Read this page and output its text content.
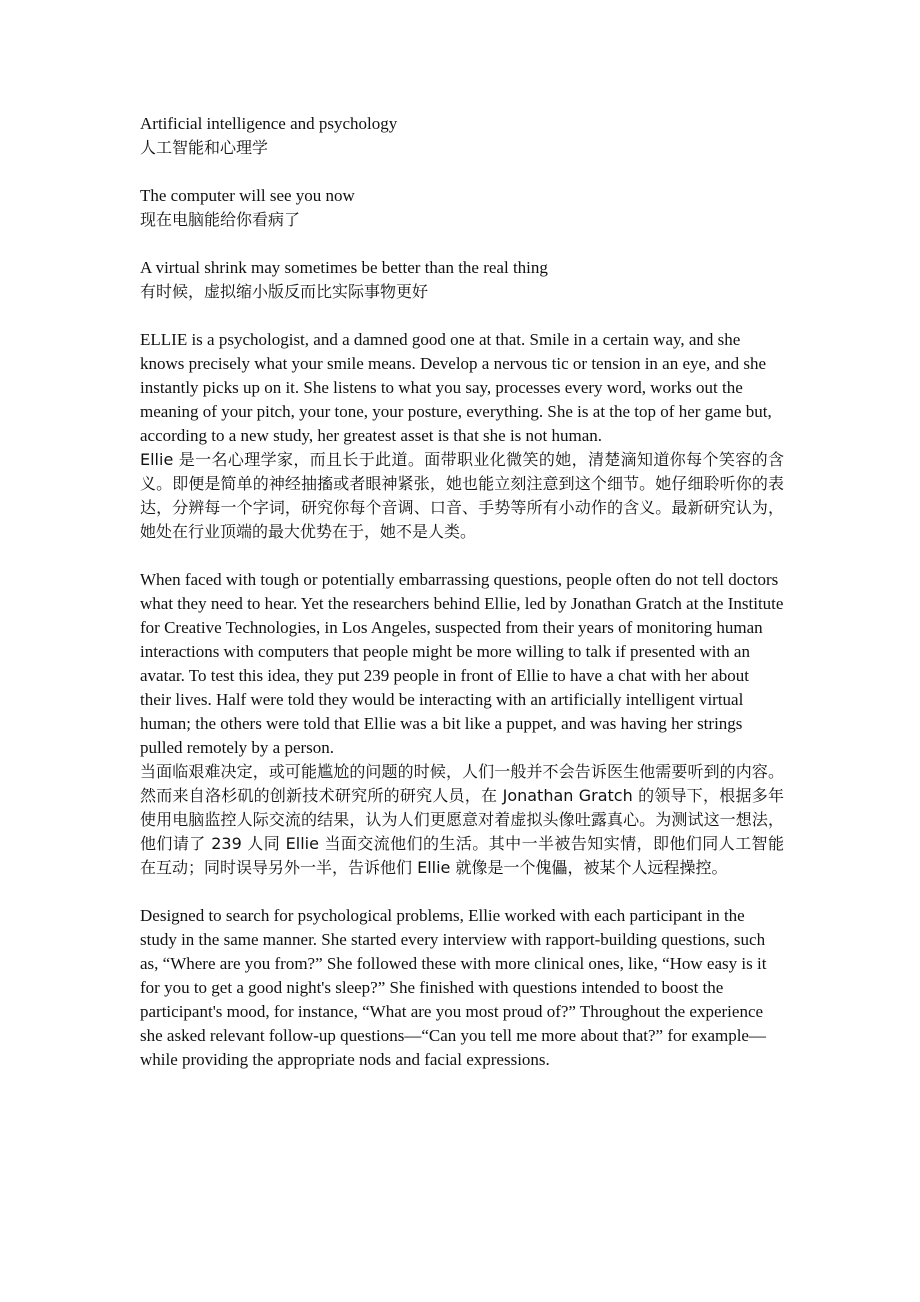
Artificial intelligence and psychology

人工智能和心理学

The computer will see you now

现在电脑能给你看病了

A virtual shrink may sometimes be better than the real thing

有时候，虚拟缩小版反而比实际事物更好

ELLIE is a psychologist, and a damned good one at that. Smile in a certain way, and she knows precisely what your smile means. Develop a nervous tic or tension in an eye, and she instantly picks up on it. She listens to what you say, processes every word, works out the meaning of your pitch, your tone, your posture, everything. She is at the top of her game but, according to a new study, her greatest asset is that she is not human.

Ellie 是一名心理学家，而且长于此道。面带职业化微笑的她，清楚滴知道你每个笑容的含义。即便是简单的神经抽搐或者眼神紧张，她也能立刻注意到这个细节。她仔细聆听你的表达，分辨每一个字词，研究你每个音调、口音、手势等所有小动作的含义。最新研究认为，她处在行业顶端的最大优势在于，她不是人类。

When faced with tough or potentially embarrassing questions, people often do not tell doctors what they need to hear. Yet the researchers behind Ellie, led by Jonathan Gratch at the Institute for Creative Technologies, in Los Angeles, suspected from their years of monitoring human interactions with computers that people might be more willing to talk if presented with an avatar. To test this idea, they put 239 people in front of Ellie to have a chat with her about their lives. Half were told they would be interacting with an artificially intelligent virtual human; the others were told that Ellie was a bit like a puppet, and was having her strings pulled remotely by a person.

当面临艰难决定，或可能尴尬的问题的时候，人们一般并不会告诉医生他需要听到的内容。然而来自洛杉矶的创新技术研究所的研究人员，在 Jonathan Gratch 的领导下，根据多年使用电脑监控人际交流的结果，认为人们更愿意对着虚拟头像吐露真心。为测试这一想法，他们请了 239 人同 Ellie 当面交流他们的生活。其中一半被告知实情，即他们同人工智能在互动；同时误导另外一半，告诉他们 Ellie 就像是一个傀儡，被某个人远程操控。

Designed to search for psychological problems, Ellie worked with each participant in the study in the same manner. She started every interview with rapport-building questions, such as, “Where are you from?” She followed these with more clinical ones, like, “How easy is it for you to get a good night's sleep?” She finished with questions intended to boost the participant's mood, for instance, “What are you most proud of?” Throughout the experience she asked relevant follow-up questions—“Can you tell me more about that?” for example—while providing the appropriate nods and facial expressions.
